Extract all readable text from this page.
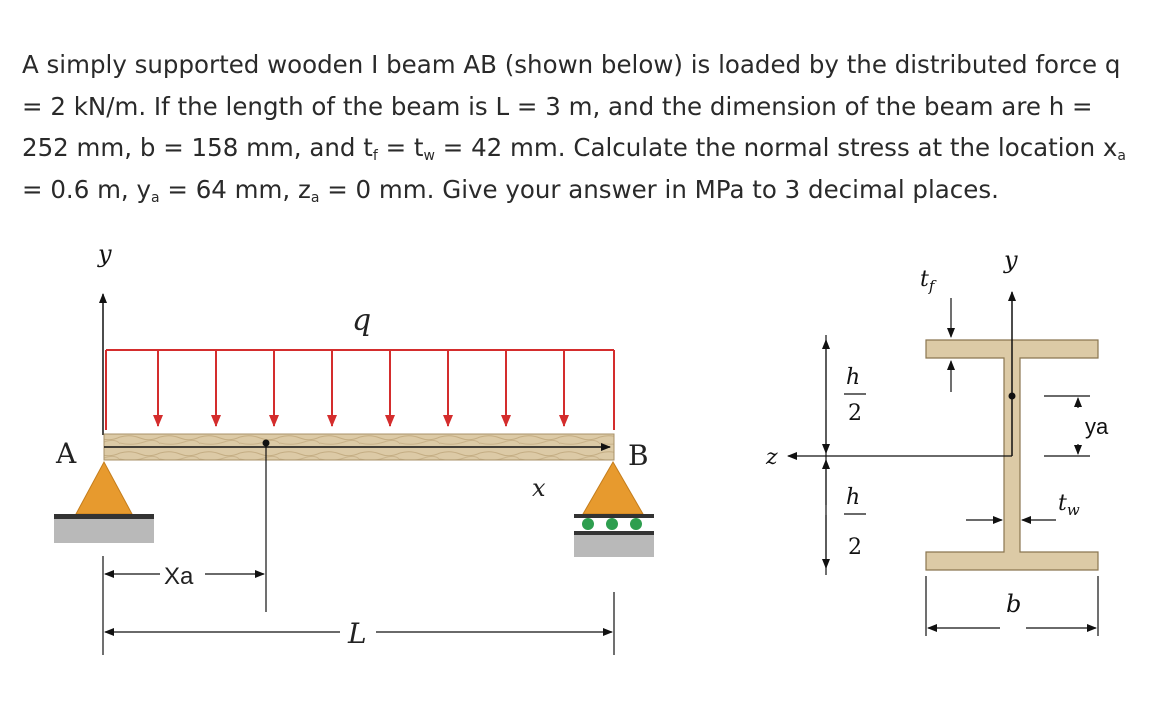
A simply supported wooden I beam AB (shown below) is loaded by the distributed force q = 2 kN/m. If the length of the beam is L = 3 m, and the dimension of the beam are h = 252 mm, b = 158 mm, and $t_f = t_w = 42$ mm. Calculate the normal stress at the location $x_a = 0.6$ m, $y_a = 64$ mm, $z_a = 0$ mm. Give your answer in MPa to 3 decimal places.

y
q
A	B
x
Xa
L
y
z
h
2
h
2
$t_f$
ya
$t_w$
b
